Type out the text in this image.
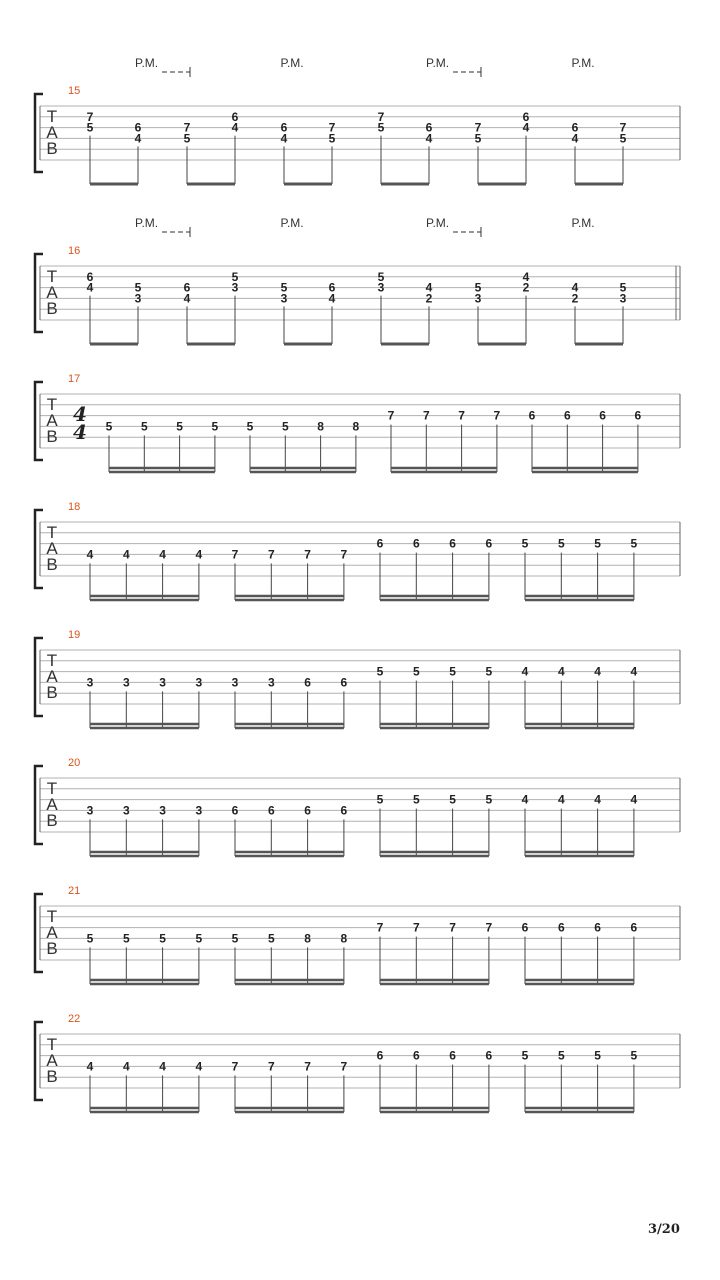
T
A
B
15
P.M.	P.M.	P.M.	P.M.
7
5	6
4
7
5
6
4	6
4
7
5
7
5	6
4
7
5
6
4	6
4
7
5
T
A
B
16
P.M.	P.M.	P.M.	P.M.
6
4	5
3
6
4
5
3	5
3
6
4
5
3	4
2
5
3
4
2	4
2
5
3
T
A
B
17
4
4 5 5 5 5 5 5 8 8
7 7 7 7 6 6 6 6
T
A
B
18
4 4 4 4 7 7 7 7
6 6 6 6 5 5 5 5
T
A
B
19
3 3 3 3 3 3 6 6
5 5 5 5 4 4 4 4
T
A
B
20
3 3 3 3 6 6 6 6
5 5 5 5 4 4 4 4
T
A
B
21
5 5 5 5 5 5 8 8
7 7 7 7 6 6 6 6
T
A
B
22
4 4 4 4 7 7 7 7
6 6 6 6 5 5 5 5
3/20
